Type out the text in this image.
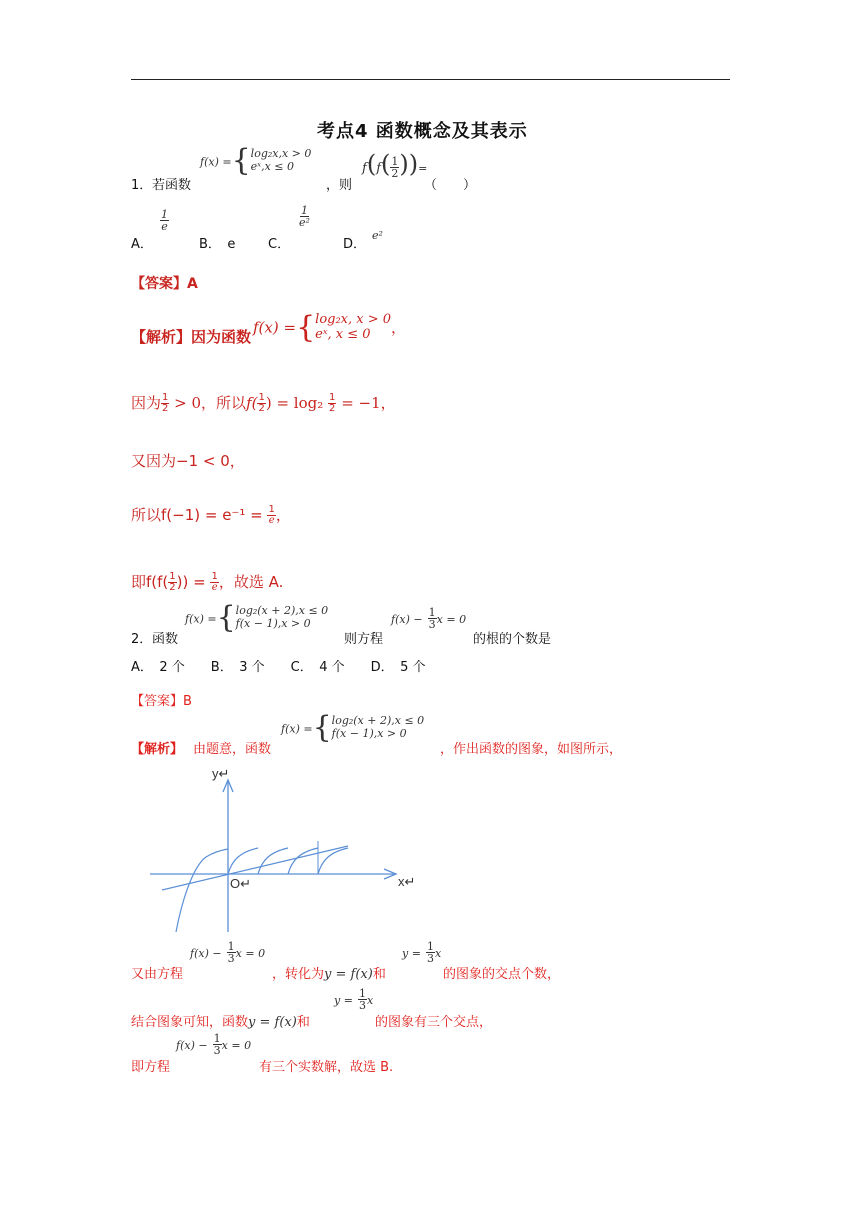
考点4 函数概念及其表示
1． 若函数
f(x) ={ log₂x,x > 0
eˣ,x ≤ 0
，则
$f(f( \frac{1}{2}$ ))=
（　　）
A．
$\frac{1}{e}$
B．　e	C．
$\frac{1}{\text{e²}}$
D．
e²
【答案】A
【解析】因为函数
f(x) ={ log₂x, x > 0
eˣ, x ≤ 0	，
因为 $\frac{1}{2} > 0$，所以$f( \frac{1}{2}$ ) = $\log_2 \frac{1}{2} = -1$，
又因为−1 < 0，
所以$f(-1) = e^{-1} = \frac{1}{e}$ ，
即$f(f( \frac{1}{2}$ )) = $\frac{1}{e}$ ，故选 A.
2． 函数
f(x) ={ log₂(x + 2),x ≤ 0
f(x − 1),x > 0
则方程
$f(x) - \frac{1}{3}$ x = 0
的根的个数是
A．　2 个　　B．　3 个　　C．　4 个　　D．　5 个
【答案】B
【解析】 由题意，函数
f(x) ={ log₂(x + 2),x ≤ 0
f(x − 1),x > 0
，作出函数的图象，如图所示，
y↵
x↵
O↵
又由方程
$f(x) - \frac{1}{3}$ x = 0
，转化为y = f(x)和
$y = \frac{1}{3}$ x
的图象的交点个数，
结合图象可知，函数y = f(x)和
$y = \frac{1}{3}$ x
的图象有三个交点，
即方程
$f(x) - \frac{1}{3}$ x = 0
有三个实数解，故选 B.
